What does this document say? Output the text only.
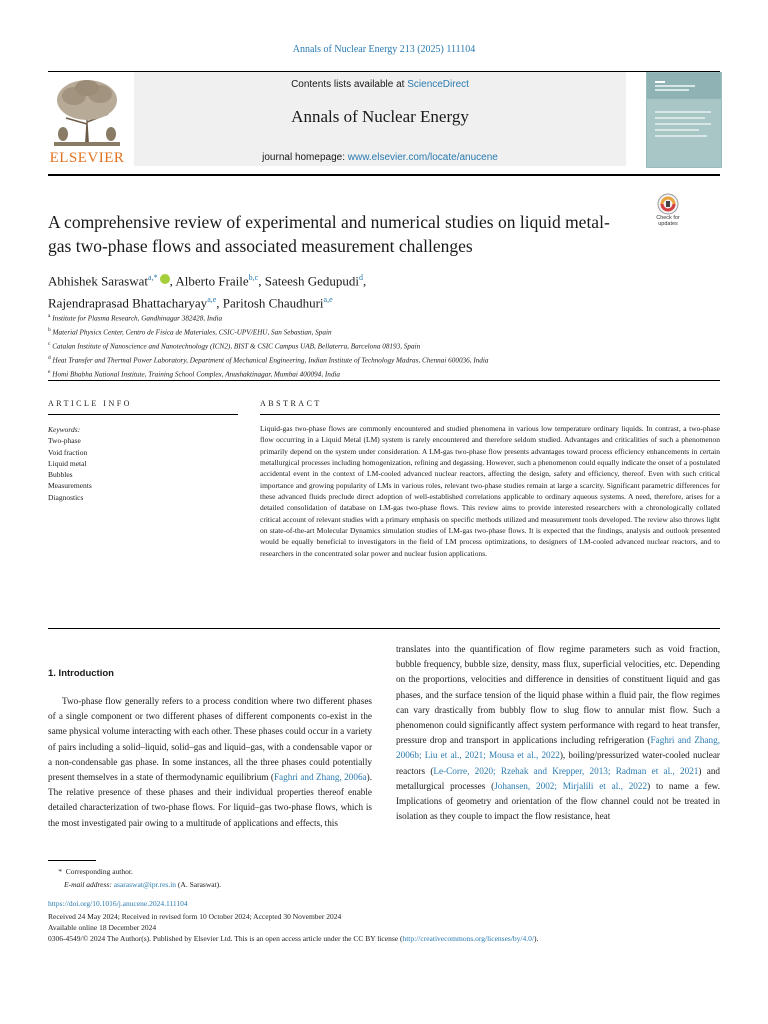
Annals of Nuclear Energy 213 (2025) 111104
ELSEVIER
Contents lists available at ScienceDirect
Annals of Nuclear Energy
journal homepage: www.elsevier.com/locate/anucene
A comprehensive review of experimental and numerical studies on liquid metal-gas two-phase flows and associated measurement challenges
Check for updates
Abhishek Saraswat$^{a,*}$ , Alberto Fraile$^{b,c}$, Sateesh Gedupudi$^d$,
Rajendraprasad Bhattacharyay$^{a,e}$, Paritosh Chaudhuri$^{a,e}$
$^a$ Institute for Plasma Research, Gandhinagar 382428, India
$^b$ Material Physics Center, Centro de Fisica de Materiales, CSIC-UPV/EHU, San Sebastian, Spain
$^c$ Catalan Institute of Nanoscience and Nanotechnology (ICN2), BIST & CSIC Campus UAB, Bellaterra, Barcelona 08193, Spain
$^d$ Heat Transfer and Thermal Power Laboratory, Department of Mechanical Engineering, Indian Institute of Technology Madras, Chennai 600036, India
$^e$ Homi Bhabha National Institute, Training School Complex, Anushaktinagar, Mumbai 400094, India
ARTICLE INFO	ABSTRACT
Keywords:
Two-phase
Void fraction
Liquid metal
Bubbles
Measurements
Diagnostics
Liquid-gas two-phase flows are commonly encountered and studied phenomena in various low temperature ordinary liquids. In contrast, a two-phase flow occurring in a Liquid Metal (LM) system is rarely encountered and therefore seldom studied. Advantages and criticalities of such a phenomenon primarily depend on the system under consideration. A LM-gas two-phase flow presents advantages toward process efficiency enhancements in certain metallurgical processes including homogenization, refining and degassing. However, such a phenomenon could equally indicate the onset of a postulated accidental event in the context of LM-cooled advanced nuclear reactors, affecting the design, safety and efficiency, thereof. Even with such critical importance and growing popularity of LMs in various roles, relevant two-phase studies remain at large a scarcity. Significant parametric differences for these advanced fluids preclude direct adoption of well-established correlations applicable to ordinary aqueous systems. A need, therefore, arises for a detailed consolidation of database on LM-gas two-phase flows. This review aims to provide interested researchers with a chronologically collated critical account of relevant studies with a primary emphasis on specific methods utilized and measurement tools developed. The review also throws light on state-of-the-art Molecular Dynamics simulation studies of LM-gas two-phase flows. It is expected that the findings, analysis and outlook presented would be equally beneficial to investigators in the field of LM process optimizations, to designers of LM-cooled advanced nuclear reactors, and to researchers in the concentrated solar power and nuclear fusion applications.
1. Introduction
Two-phase flow generally refers to a process condition where two different phases of a single component or two different phases of different components co-exist in the same physical volume interacting with each other. These phases could occur in a variety of pairs including a solid–liquid, solid–gas and liquid–gas, with a condensable vapor or a non-condensable gas phase. In some instances, all the three phases could potentially present themselves in a state of thermodynamic equilibrium (Faghri and Zhang, 2006a). The relative presence of these phases and their individual properties thereof enable detailed characterization of two-phase flows. For liquid–gas two-phase flows, which is the most investigated pair owing to a multitude of applications and effects, this
translates into the quantification of flow regime parameters such as void fraction, bubble frequency, bubble size, density, mass flux, superficial velocities, etc. Depending on the proportions, velocities and difference in densities of constituent liquid and gas phases, and the surface tension of the liquid phase within a fluid pair, the flow regimes can vary drastically from bubbly flow to slug flow to annular mist flow. Such a phenomenon could significantly affect system performance with regard to heat transfer, pressure drop and transport in applications including refrigeration (Faghri and Zhang, 2006b; Liu et al., 2021; Mousa et al., 2022), boiling/pressurized water-cooled nuclear reactors (Le-Corre, 2020; Rzehak and Krepper, 2013; Radman et al., 2021) and metallurgical processes (Johansen, 2002; Mirjalili et al., 2022) to name a few. Implications of geometry and orientation of the flow channel could not be treated in isolation as they couple to impact the flow resistance, heat
* Corresponding author.
E-mail address: asaraswat@ipr.res.in (A. Saraswat).
https://doi.org/10.1016/j.anucene.2024.111104
Received 24 May 2024; Received in revised form 10 October 2024; Accepted 30 November 2024
Available online 18 December 2024
0306-4549/© 2024 The Author(s). Published by Elsevier Ltd. This is an open access article under the CC BY license (http://creativecommons.org/licenses/by/4.0/).
